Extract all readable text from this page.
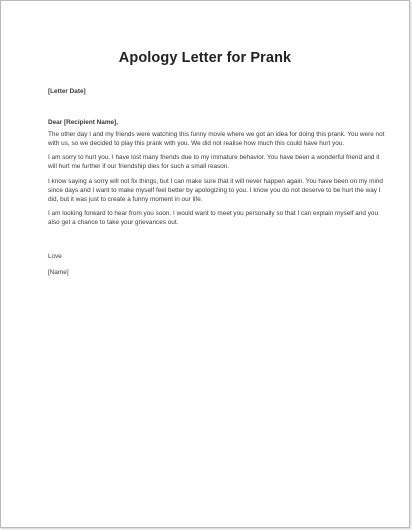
Apology Letter for Prank

[Letter Date]

Dear [Recipient Name],

The other day I and my friends were watching this funny movie where we got an idea for doing this prank. You were not with us, so we decided to play this prank with you. We did not realise how much this could have hurt you.

I am sorry to hurt you. I have lost many friends due to my immature behavior. You have been a wonderful friend and it will hurt me further if our friendship dies for such a small reason.

I know saying a sorry will not fix things, but I can make sure that it will never happen again. You have been on my mind since days and I want to make myself feel better by apologizing to you. I know you do not deserve to be hurt the way I did, but it was just to create a funny moment in our life.

I am looking forward to hear from you soon. I would want to meet you personally so that I can explain myself and you also get a chance to take your grievances out.

Love

[Name]
